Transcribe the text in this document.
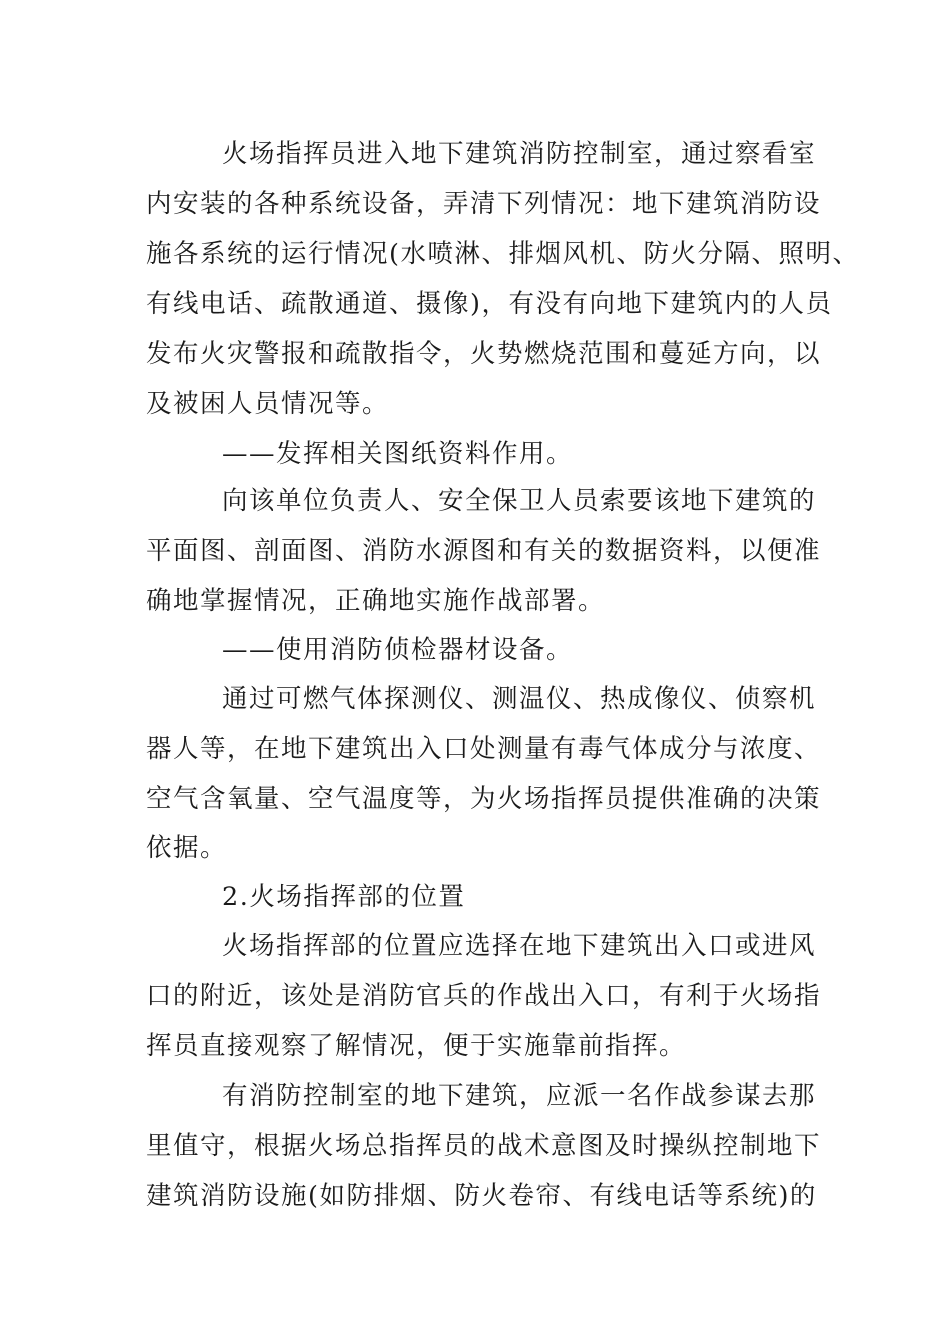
火场指挥员进入地下建筑消防控制室，通过察看室
内安装的各种系统设备，弄清下列情况：地下建筑消防设
施各系统的运行情况(水喷淋、排烟风机、防火分隔、照明、
有线电话、疏散通道、摄像)，有没有向地下建筑内的人员
发布火灾警报和疏散指令，火势燃烧范围和蔓延方向，以
及被困人员情况等。
——发挥相关图纸资料作用。
向该单位负责人、安全保卫人员索要该地下建筑的
平面图、剖面图、消防水源图和有关的数据资料，以便准
确地掌握情况，正确地实施作战部署。
——使用消防侦检器材设备。
通过可燃气体探测仪、测温仪、热成像仪、侦察机
器人等，在地下建筑出入口处测量有毒气体成分与浓度、
空气含氧量、空气温度等，为火场指挥员提供准确的决策
依据。
2.火场指挥部的位置
火场指挥部的位置应选择在地下建筑出入口或进风
口的附近，该处是消防官兵的作战出入口，有利于火场指
挥员直接观察了解情况，便于实施靠前指挥。
有消防控制室的地下建筑，应派一名作战参谋去那
里值守，根据火场总指挥员的战术意图及时操纵控制地下
建筑消防设施(如防排烟、防火卷帘、有线电话等系统)的
